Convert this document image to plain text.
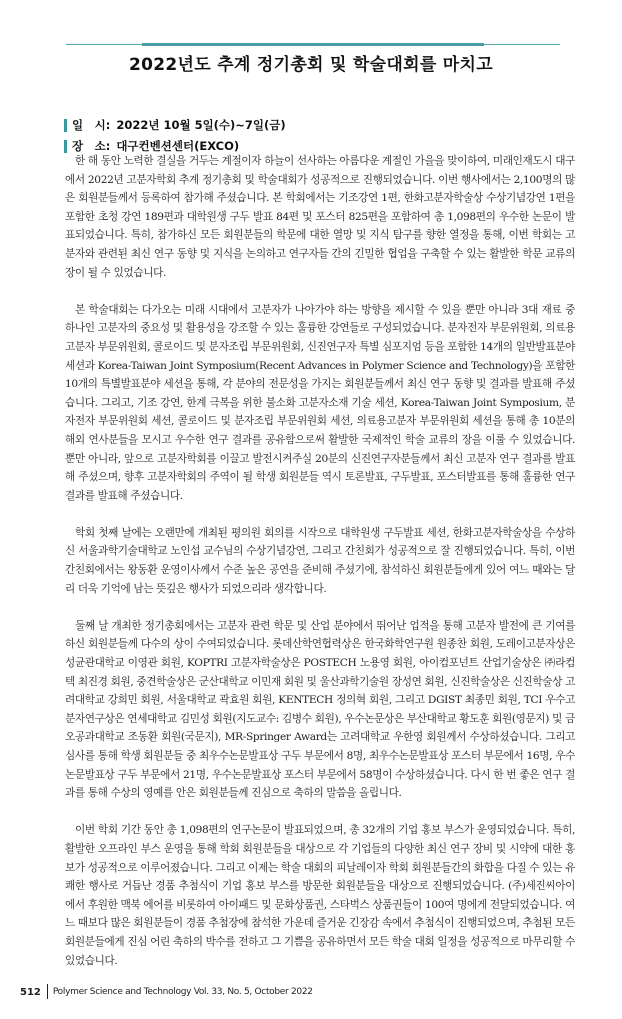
2022년도 추계 정기총회 및 학술대회를 마치고
일　시: 2022년 10월 5일(수)~7일(금)
장　소: 대구컨벤션센터(EXCO)

한 해 동안 노력한 결실을 거두는 계절이자 하늘이 선사하는 아름다운 계절인 가을을 맞이하여, 미래인재도시 대구에서 2022년 고분자학회 추계 정기총회 및 학술대회가 성공적으로 진행되었습니다. 이번 행사에서는 2,100명의 많은 회원분들께서 등록하여 참가해 주셨습니다. 본 학회에서는 기조강연 1편, 한화고분자학술상 수상기념강연 1편을 포함한 초청 강연 189편과 대학원생 구두 발표 84편 및 포스터 825편을 포함하여 총 1,098편의 우수한 논문이 발표되었습니다. 특히, 참가하신 모든 회원분들의 학문에 대한 열망 및 지식 탐구를 향한 열정을 통해, 이번 학회는 고분자와 관련된 최신 연구 동향 및 지식을 논의하고 연구자들 간의 긴밀한 협업을 구축할 수 있는 활발한 학문 교류의 장이 될 수 있었습니다.

본 학술대회는 다가오는 미래 시대에서 고분자가 나아가야 하는 방향을 제시할 수 있을 뿐만 아니라 3대 재료 중 하나인 고분자의 중요성 및 활용성을 강조할 수 있는 훌륭한 강연들로 구성되었습니다. 분자전자 부문위원회, 의료용고분자 부문위원회, 콜로이드 및 분자조립 부문위원회, 신진연구자 특별 심포지엄 등을 포함한 14개의 일반발표분야 세션과 Korea-Taiwan Joint Symposium(Recent Advances in Polymer Science and Technology)을 포함한 10개의 특별발표분야 세션을 통해, 각 분야의 전문성을 가지는 회원분들께서 최신 연구 동향 및 결과를 발표해 주셨습니다. 그리고, 기조 강연, 한계 극복을 위한 불소화 고분자소재 기술 세션, Korea-Taiwan Joint Symposium, 분자전자 부문위원회 세션, 콜로이드 및 분자조립 부문위원회 세션, 의료용고분자 부문위원회 세션을 통해 총 10분의 해외 연사분들을 모시고 우수한 연구 결과를 공유함으로써 활발한 국제적인 학술 교류의 장을 이룰 수 있었습니다. 뿐만 아니라, 앞으로 고분자학회를 이끌고 발전시켜주실 20분의 신진연구자분들께서 최신 고분자 연구 결과를 발표해 주셨으며, 향후 고분자학회의 주역이 될 학생 회원분들 역시 토론발표, 구두발표, 포스터발표를 통해 훌륭한 연구 결과를 발표해 주셨습니다.

학회 첫째 날에는 오랜만에 개최된 평의원 회의를 시작으로 대학원생 구두발표 세션, 한화고분자학술상을 수상하신 서울과학기술대학교 노인섭 교수님의 수상기념강연, 그리고 간친회가 성공적으로 잘 진행되었습니다. 특히, 이번 간친회에서는 왕동환 운영이사께서 수준 높은 공연을 준비해 주셨기에, 참석하신 회원분들에게 있어 여느 때와는 달리 더욱 기억에 남는 뜻깊은 행사가 되었으리라 생각합니다.

둘째 날 개최한 정기총회에서는 고분자 관련 학문 및 산업 분야에서 뛰어난 업적을 통해 고분자 발전에 큰 기여를 하신 회원분들께 다수의 상이 수여되었습니다. 롯데산학연협력상은 한국화학연구원 원종찬 회원, 도레이고분자상은 성균관대학교 이영관 회원, KOPTRI 고분자학술상은 POSTECH 노용영 회원, 아이컴포넌트 산업기술상은 ㈜라컴텍 최진경 회원, 중견학술상은 군산대학교 이민재 회원 및 울산과학기술원 장성연 회원, 신진학술상은 신진학술상 고려대학교 강희민 회원, 서울대학교 곽효원 회원, KENTECH 정의혁 회원, 그리고 DGIST 최종민 회원, TCI 우수고분자연구상은 연세대학교 김민성 회원(지도교수: 김병수 회원), 우수논문상은 부산대학교 황도훈 회원(영문지) 및 금오공과대학교 조동환 회원(국문지), MR-Springer Award는 고려대학교 우한영 회원께서 수상하셨습니다. 그리고 심사를 통해 학생 회원분들 중 최우수논문발표상 구두 부문에서 8명, 최우수논문발표상 포스터 부문에서 16명, 우수논문발표상 구두 부문에서 21명, 우수논문발표상 포스터 부문에서 58명이 수상하셨습니다. 다시 한 번 좋은 연구 결과를 통해 수상의 영예를 안은 회원분들께 진심으로 축하의 말씀을 올립니다.

이번 학회 기간 동안 총 1,098편의 연구논문이 발표되었으며, 총 32개의 기업 홍보 부스가 운영되었습니다. 특히, 활발한 오프라인 부스 운영을 통해 학회 회원분들을 대상으로 각 기업들의 다양한 최신 연구 장비 및 시약에 대한 홍보가 성공적으로 이루어졌습니다. 그리고 이제는 학술 대회의 피날레이자 학회 회원분들간의 화합을 다질 수 있는 유쾌한 행사로 거듭난 경품 추첨식이 기업 홍보 부스를 방문한 회원분들을 대상으로 진행되었습니다. (주)세진씨아이에서 후원한 맥북 에어를 비롯하여 아이패드 및 문화상품권, 스타벅스 상품권들이 100여 명에게 전달되었습니다. 여느 때보다 많은 회원분들이 경품 추첨장에 참석한 가운데 즐거운 긴장감 속에서 추첨식이 진행되었으며, 추첨된 모든 회원분들에게 진심 어린 축하의 박수를 전하고 그 기쁨을 공유하면서 모든 학술 대회 일정을 성공적으로 마무리할 수 있었습니다.

512 Polymer Science and Technology Vol. 33, No. 5, October 2022
